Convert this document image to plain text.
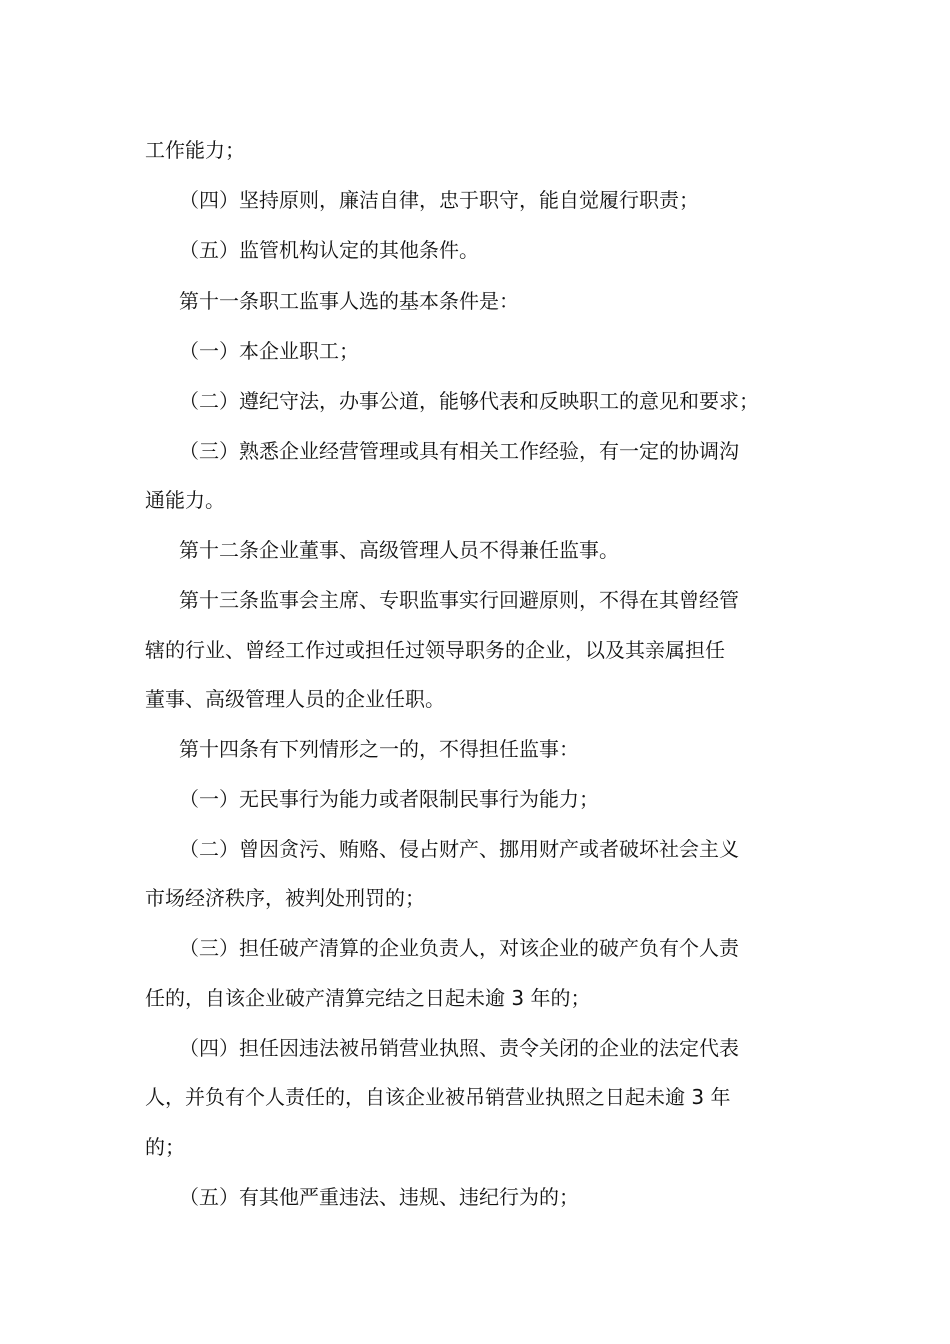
工作能力；

（四）坚持原则，廉洁自律，忠于职守，能自觉履行职责；

（五）监管机构认定的其他条件。

第十一条职工监事人选的基本条件是：

（一）本企业职工；

（二）遵纪守法，办事公道，能够代表和反映职工的意见和要求；

（三）熟悉企业经营管理或具有相关工作经验，有一定的协调沟

通能力。

第十二条企业董事、高级管理人员不得兼任监事。

第十三条监事会主席、专职监事实行回避原则，不得在其曾经管

辖的行业、曾经工作过或担任过领导职务的企业，以及其亲属担任

董事、高级管理人员的企业任职。

第十四条有下列情形之一的，不得担任监事：

（一）无民事行为能力或者限制民事行为能力；

（二）曾因贪污、贿赂、侵占财产、挪用财产或者破坏社会主义

市场经济秩序，被判处刑罚的；

（三）担任破产清算的企业负责人，对该企业的破产负有个人责

任的，自该企业破产清算完结之日起未逾 3 年的；

（四）担任因违法被吊销营业执照、责令关闭的企业的法定代表

人，并负有个人责任的，自该企业被吊销营业执照之日起未逾 3 年

的；

（五）有其他严重违法、违规、违纪行为的；
